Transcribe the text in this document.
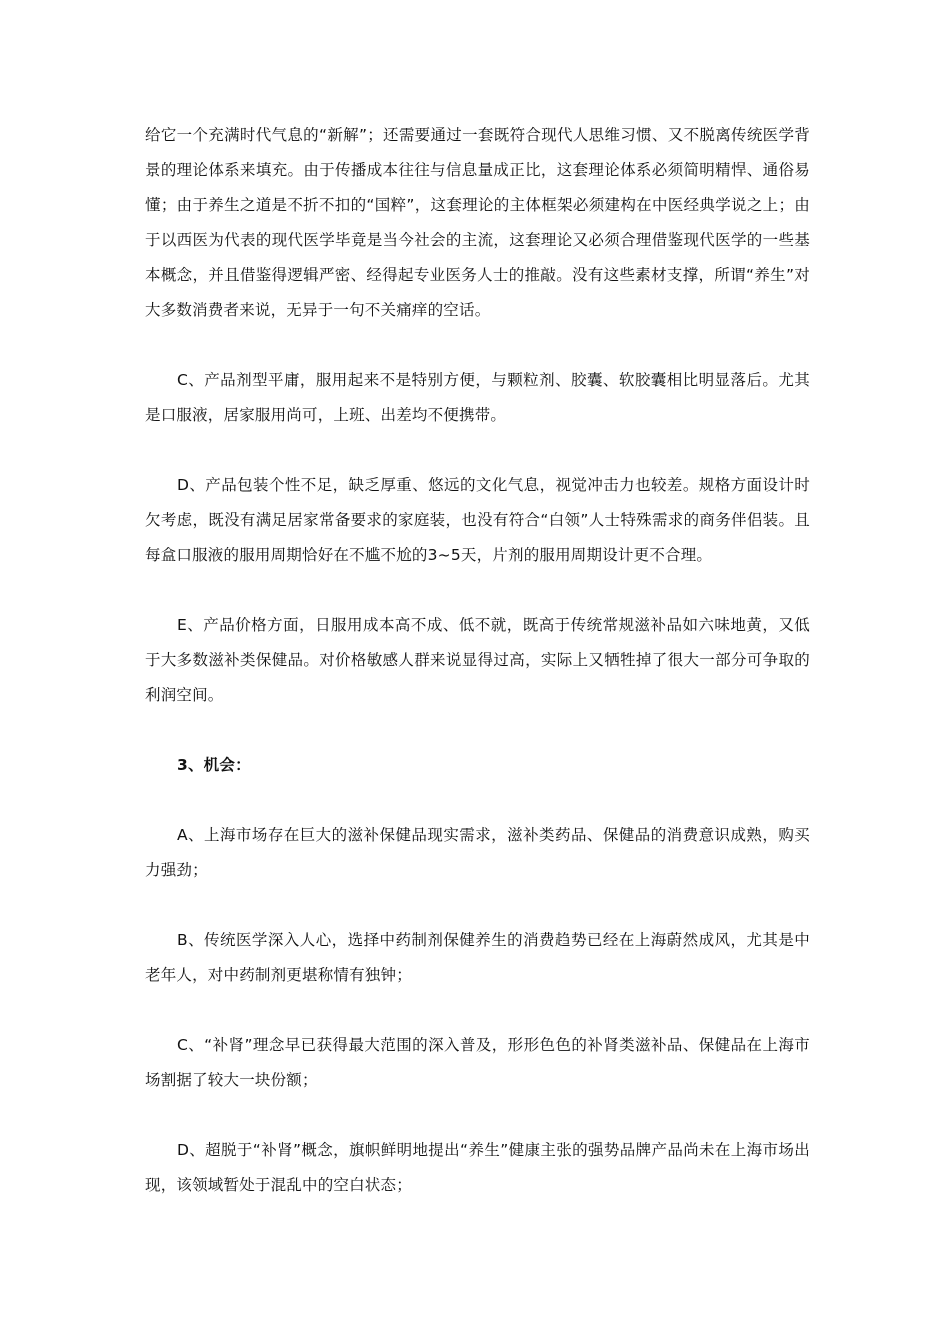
给它一个充满时代气息的“新解”；还需要通过一套既符合现代人思维习惯、又不脱离传统医学背景的理论体系来填充。由于传播成本往往与信息量成正比，这套理论体系必须简明精悍、通俗易懂；由于养生之道是不折不扣的“国粹”，这套理论的主体框架必须建构在中医经典学说之上；由于以西医为代表的现代医学毕竟是当今社会的主流，这套理论又必须合理借鉴现代医学的一些基本概念，并且借鉴得逻辑严密、经得起专业医务人士的推敲。没有这些素材支撑，所谓“养生”对大多数消费者来说，无异于一句不关痛痒的空话。

C、产品剂型平庸，服用起来不是特别方便，与颗粒剂、胶囊、软胶囊相比明显落后。尤其是口服液，居家服用尚可，上班、出差均不便携带。

D、产品包装个性不足，缺乏厚重、悠远的文化气息，视觉冲击力也较差。规格方面设计时欠考虑，既没有满足居家常备要求的家庭装，也没有符合“白领”人士特殊需求的商务伴侣装。且每盒口服液的服用周期恰好在不尴不尬的3~5天，片剂的服用周期设计更不合理。

E、产品价格方面，日服用成本高不成、低不就，既高于传统常规滋补品如六味地黄，又低于大多数滋补类保健品。对价格敏感人群来说显得过高，实际上又牺牲掉了很大一部分可争取的利润空间。

3、机会：

A、上海市场存在巨大的滋补保健品现实需求，滋补类药品、保健品的消费意识成熟，购买力强劲；

B、传统医学深入人心，选择中药制剂保健养生的消费趋势已经在上海蔚然成风，尤其是中老年人，对中药制剂更堪称情有独钟；

C、“补肾”理念早已获得最大范围的深入普及，形形色色的补肾类滋补品、保健品在上海市场割据了较大一块份额；

D、超脱于“补肾”概念，旗帜鲜明地提出“养生”健康主张的强势品牌产品尚未在上海市场出现，该领域暂处于混乱中的空白状态；
